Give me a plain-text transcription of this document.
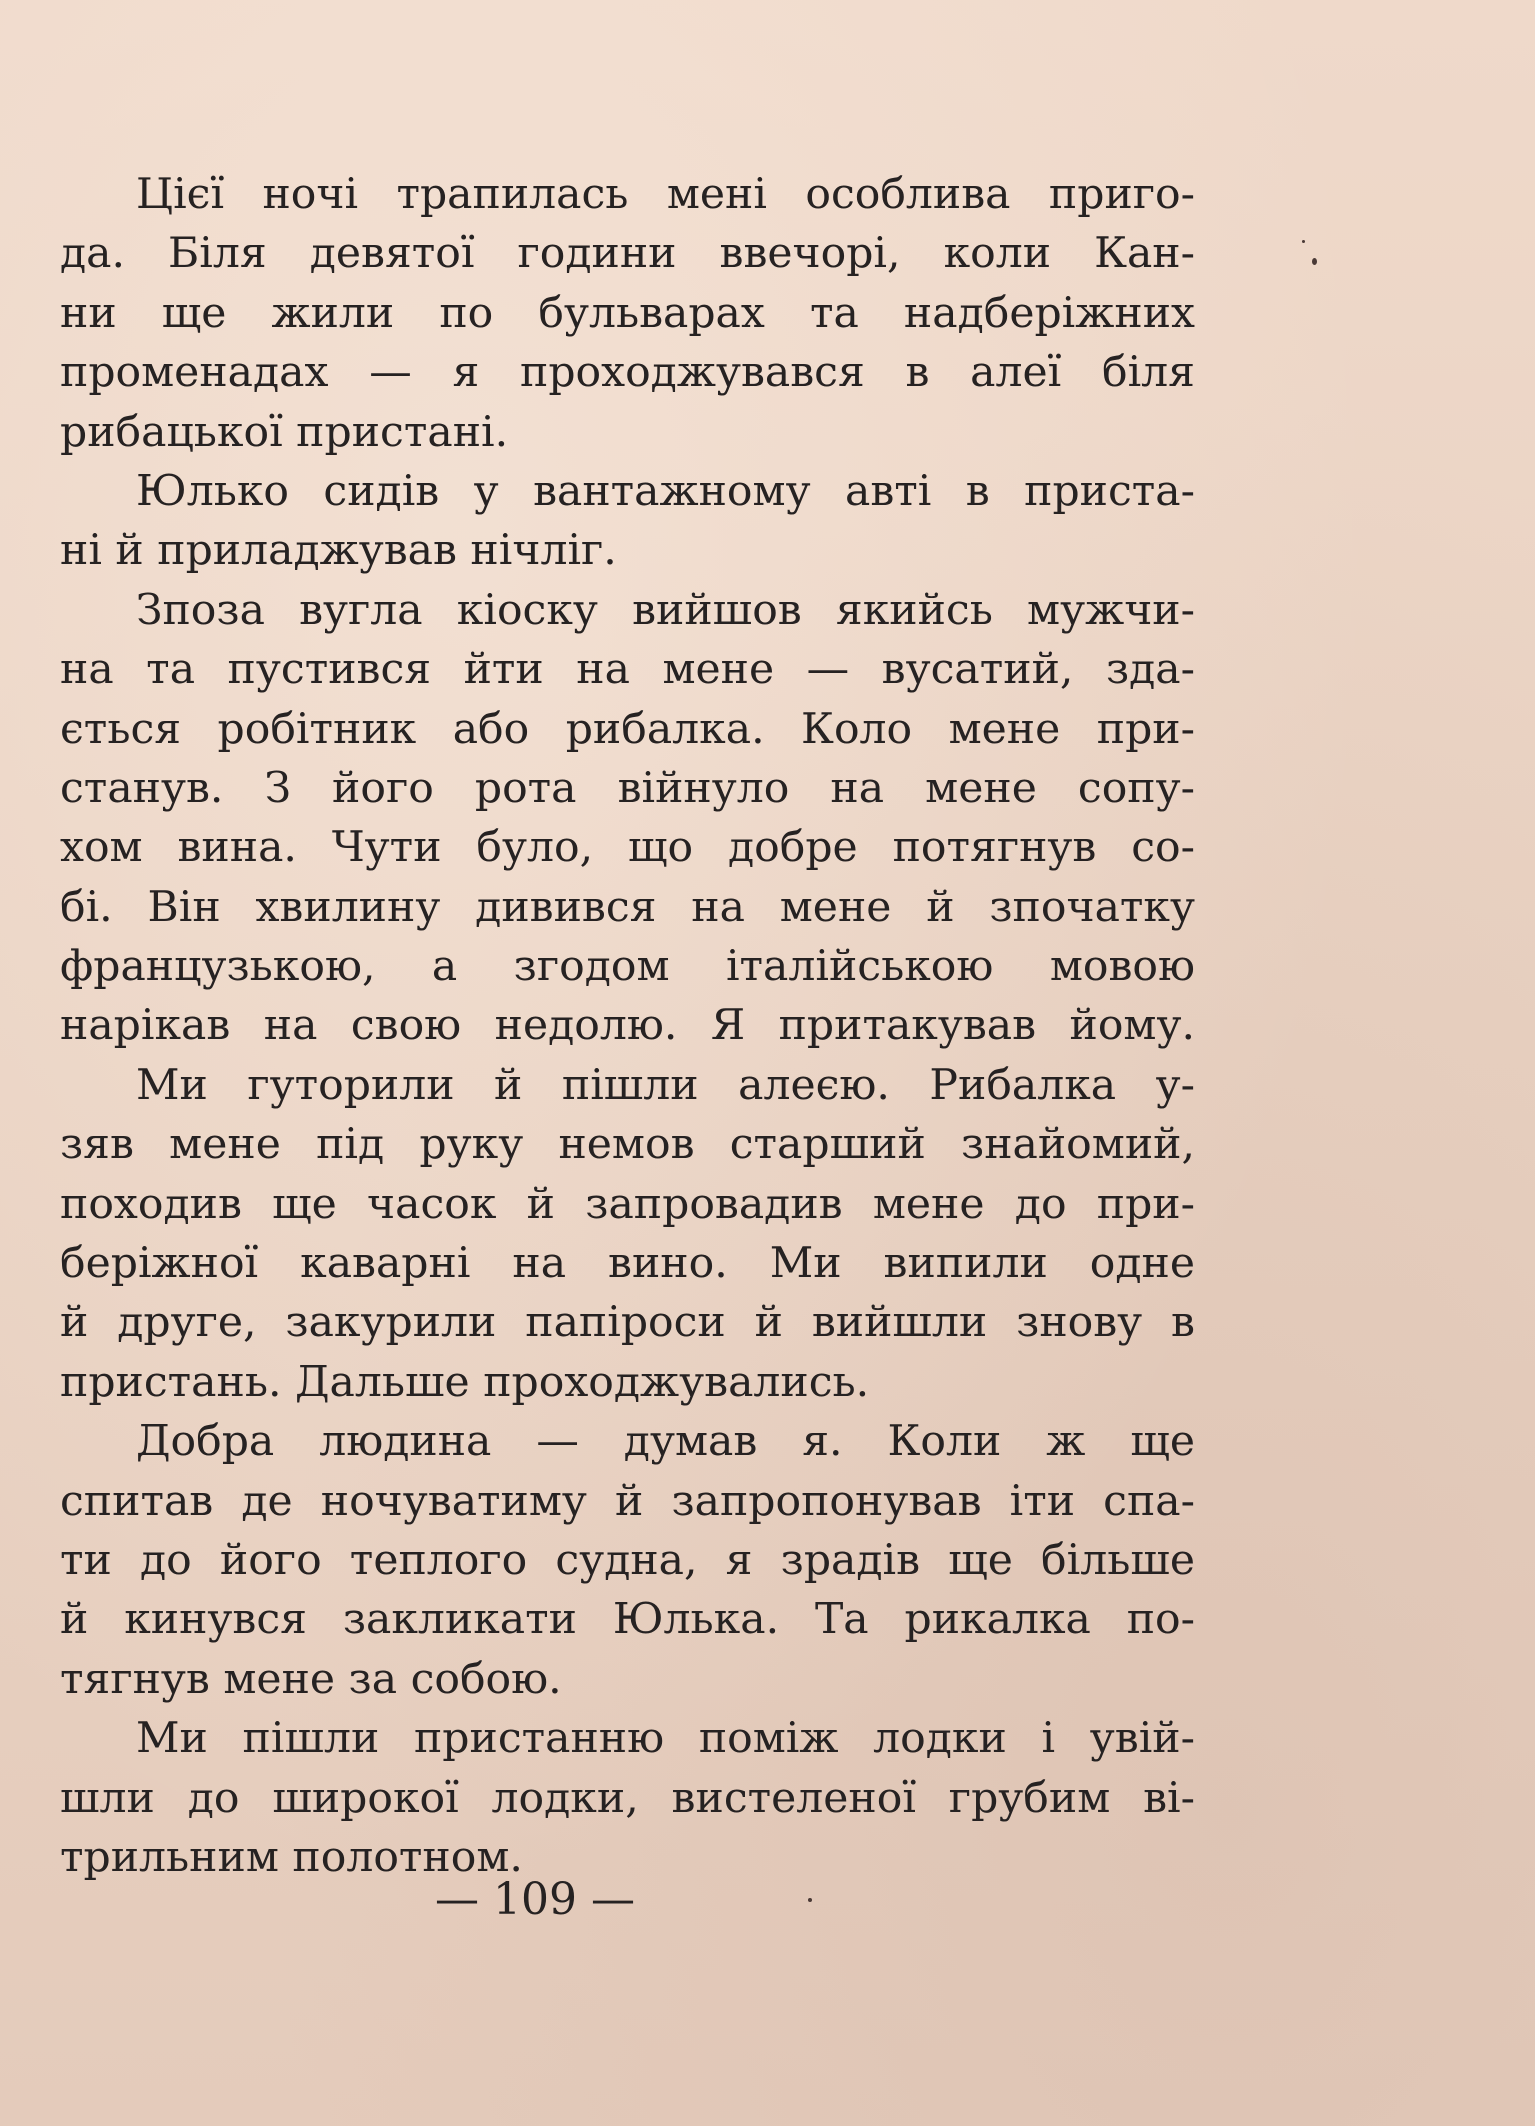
Цієї ночі трапилась мені особлива приго-
да. Біля девятої години ввечорі, коли Кан-
ни ще жили по бульварах та надберіжних
променадах — я проходжувався в алеї біля
рибацької пристані.
Юлько сидів у вантажному авті в приста-
ні й приладжував нічліг.
Зпоза вугла кіоску вийшов якийсь мужчи-
на та пустився йти на мене — вусатий, зда-
ється робітник або рибалка. Коло мене при-
станув. З його рота війнуло на мене сопу-
хом вина. Чути було, що добре потягнув со-
бі. Він хвилину дивився на мене й зпочатку
французькою, а згодом італійською мовою
нарікав на свою недолю. Я притакував йому.
Ми гуторили й пішли алеєю. Рибалка у-
зяв мене під руку немов старший знайомий,
походив ще часок й запровадив мене до при-
беріжної каварні на вино. Ми випили одне
й друге, закурили папіроси й вийшли знову в
пристань. Дальше проходжувались.
Добра людина — думав я. Коли ж ще
спитав де ночуватиму й запропонував іти спа-
ти до його теплого судна, я зрадів ще більше
й кинувся закликати Юлька. Та рикалка по-
тягнув мене за собою.
Ми пішли пристанню поміж лодки і увій-
шли до широкої лодки, вистеленої грубим ві-
трильним полотном.
— 109 —
